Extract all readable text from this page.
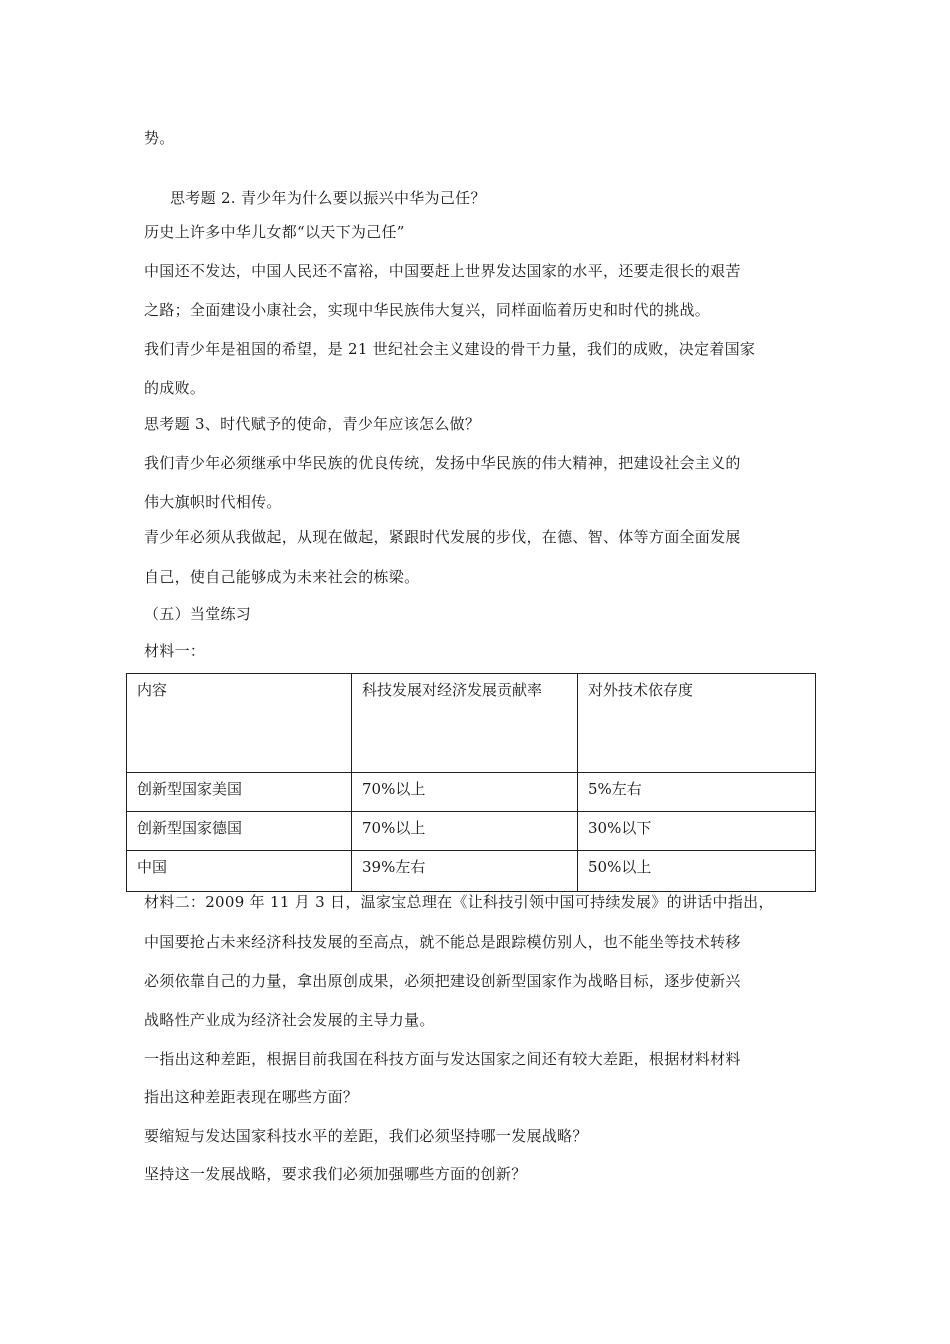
势。
思考题 2. 青少年为什么要以振兴中华为己任？
历史上许多中华儿女都“以天下为己任”
中国还不发达，中国人民还不富裕，中国要赶上世界发达国家的水平，还要走很长的艰苦
之路；全面建设小康社会，实现中华民族伟大复兴，同样面临着历史和时代的挑战。
我们青少年是祖国的希望，是 21 世纪社会主义建设的骨干力量，我们的成败，决定着国家
的成败。
思考题 3、时代赋予的使命，青少年应该怎么做？
我们青少年必须继承中华民族的优良传统，发扬中华民族的伟大精神，把建设社会主义的
伟大旗帜时代相传。
青少年必须从我做起，从现在做起，紧跟时代发展的步伐，在德、智、体等方面全面发展
自己，使自己能够成为未来社会的栋梁。
（五）当堂练习
材料一：
内容	科技发展对经济发展贡献率	对外技术依存度
创新型国家美国	70%以上	5%左右
创新型国家德国	70%以上	30%以下
中国	39%左右	50%以上
材料二：2009 年 11 月 3 日，温家宝总理在《让科技引领中国可持续发展》的讲话中指出，
中国要抢占未来经济科技发展的至高点，就不能总是跟踪模仿别人，也不能坐等技术转移
必须依靠自己的力量，拿出原创成果，必须把建设创新型国家作为战略目标，逐步使新兴
战略性产业成为经济社会发展的主导力量。
一指出这种差距，根据目前我国在科技方面与发达国家之间还有较大差距，根据材料材料
指出这种差距表现在哪些方面？
要缩短与发达国家科技水平的差距，我们必须坚持哪一发展战略？
坚持这一发展战略，要求我们必须加强哪些方面的创新？
